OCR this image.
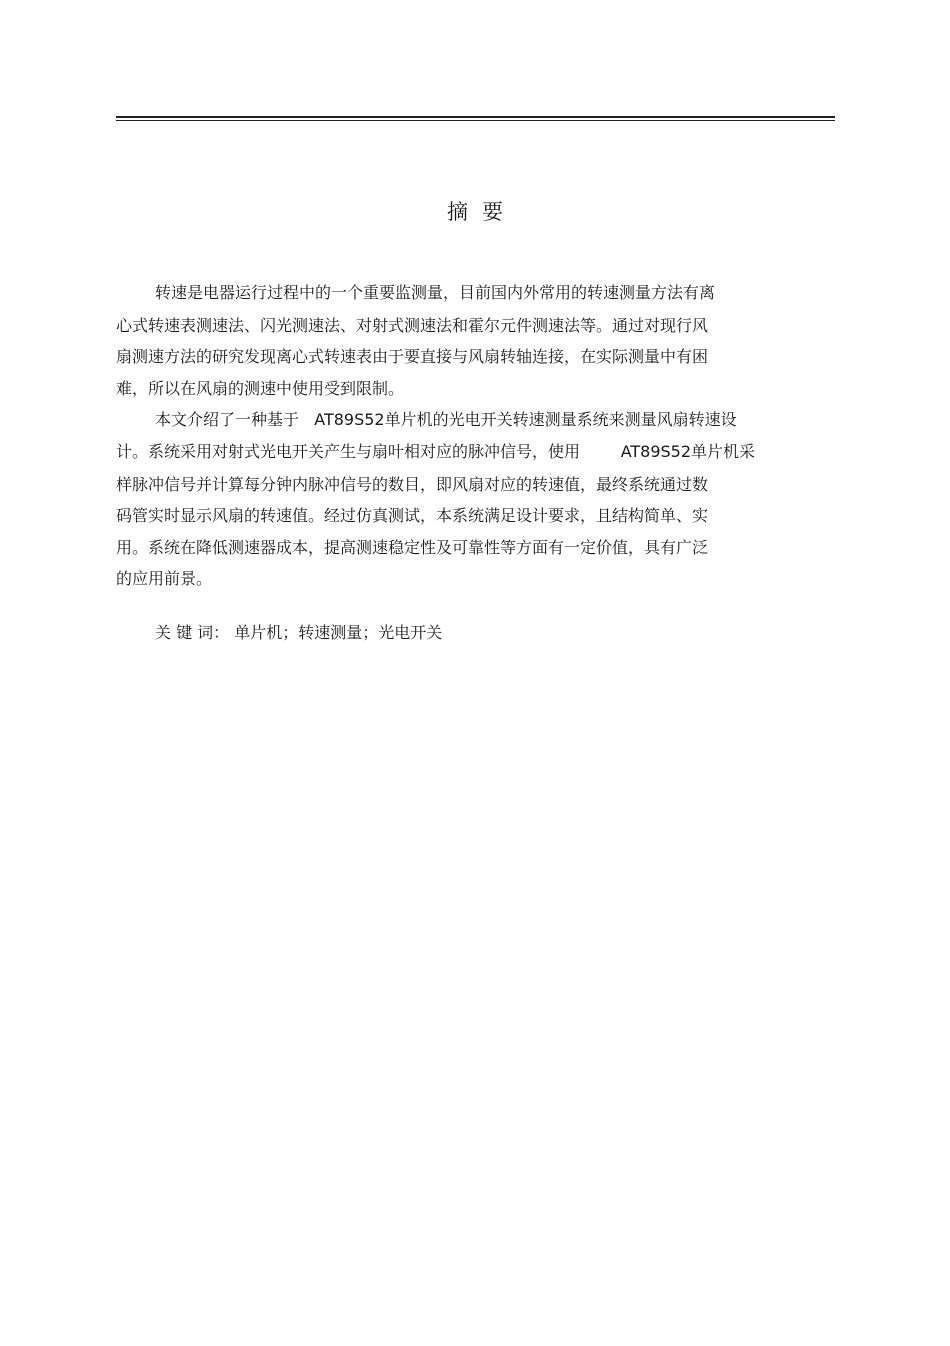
摘要
转速是电器运行过程中的一个重要监测量，目前国内外常用的转速测量方法有离
心式转速表测速法、闪光测速法、对射式测速法和霍尔元件测速法等。通过对现行风
扇测速方法的研究发现离心式转速表由于要直接与风扇转轴连接，在实际测量中有困
难，所以在风扇的测速中使用受到限制。
本文介绍了一种基于   AT89S52单片机的光电开关转速测量系统来测量风扇转速设
计。系统采用对射式光电开关产生与扇叶相对应的脉冲信号，使用        AT89S52单片机采
样脉冲信号并计算每分钟内脉冲信号的数目，即风扇对应的转速值，最终系统通过数
码管实时显示风扇的转速值。经过仿真测试，本系统满足设计要求，且结构简单、实
用。系统在降低测速器成本，提高测速稳定性及可靠性等方面有一定价值，具有广泛
的应用前景。
关 键 词： 单片机；转速测量；光电开关
